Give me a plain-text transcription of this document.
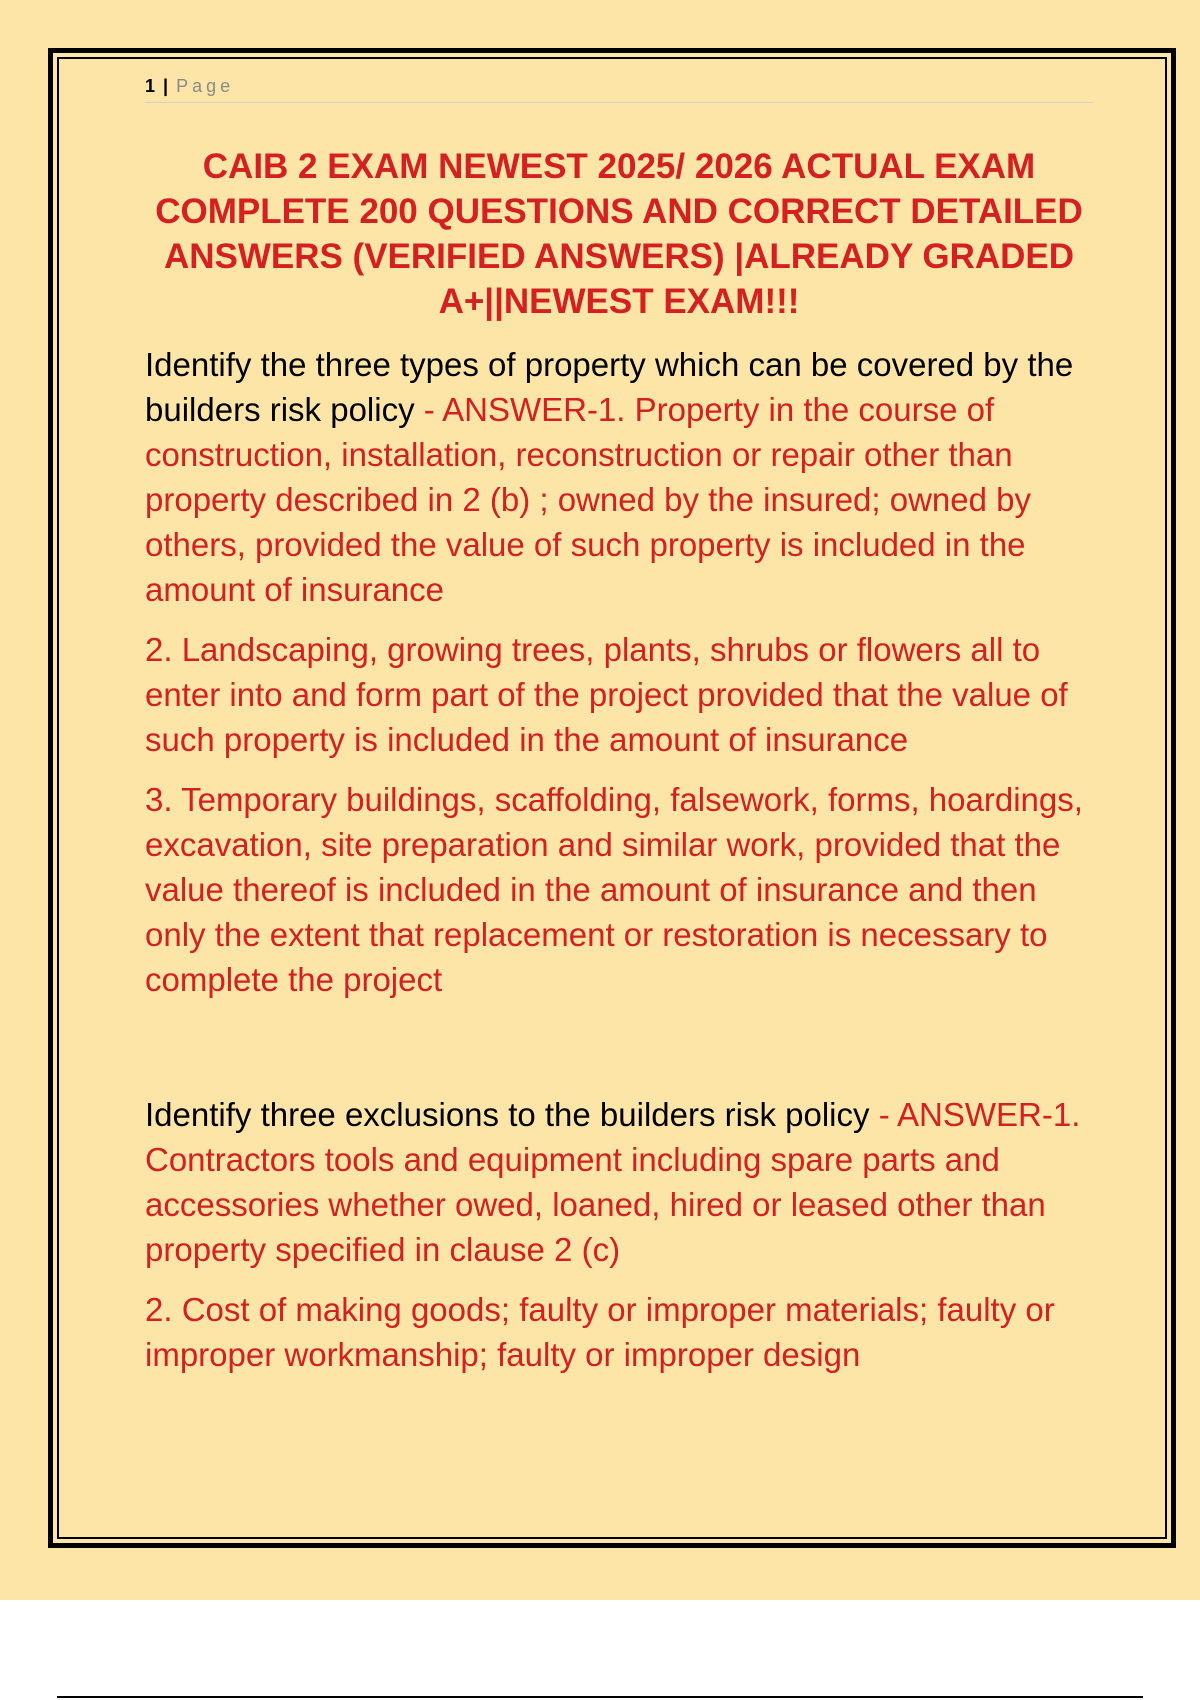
1 | Page
CAIB 2 EXAM NEWEST 2025/ 2026 ACTUAL EXAM COMPLETE 200 QUESTIONS AND CORRECT DETAILED ANSWERS (VERIFIED ANSWERS) |ALREADY GRADED A+||NEWEST EXAM!!!

Identify the three types of property which can be covered by the builders risk policy - ANSWER-1. Property in the course of construction, installation, reconstruction or repair other than property described in 2 (b) ; owned by the insured; owned by others, provided the value of such property is included in the amount of insurance

2. Landscaping, growing trees, plants, shrubs or flowers all to enter into and form part of the project provided that the value of such property is included in the amount of insurance

3. Temporary buildings, scaffolding, falsework, forms, hoardings, excavation, site preparation and similar work, provided that the value thereof is included in the amount of insurance and then only the extent that replacement or restoration is necessary to complete the project

Identify three exclusions to the builders risk policy - ANSWER-1. Contractors tools and equipment including spare parts and accessories whether owed, loaned, hired or leased other than property specified in clause 2 (c)

2. Cost of making goods; faulty or improper materials; faulty or improper workmanship; faulty or improper design
